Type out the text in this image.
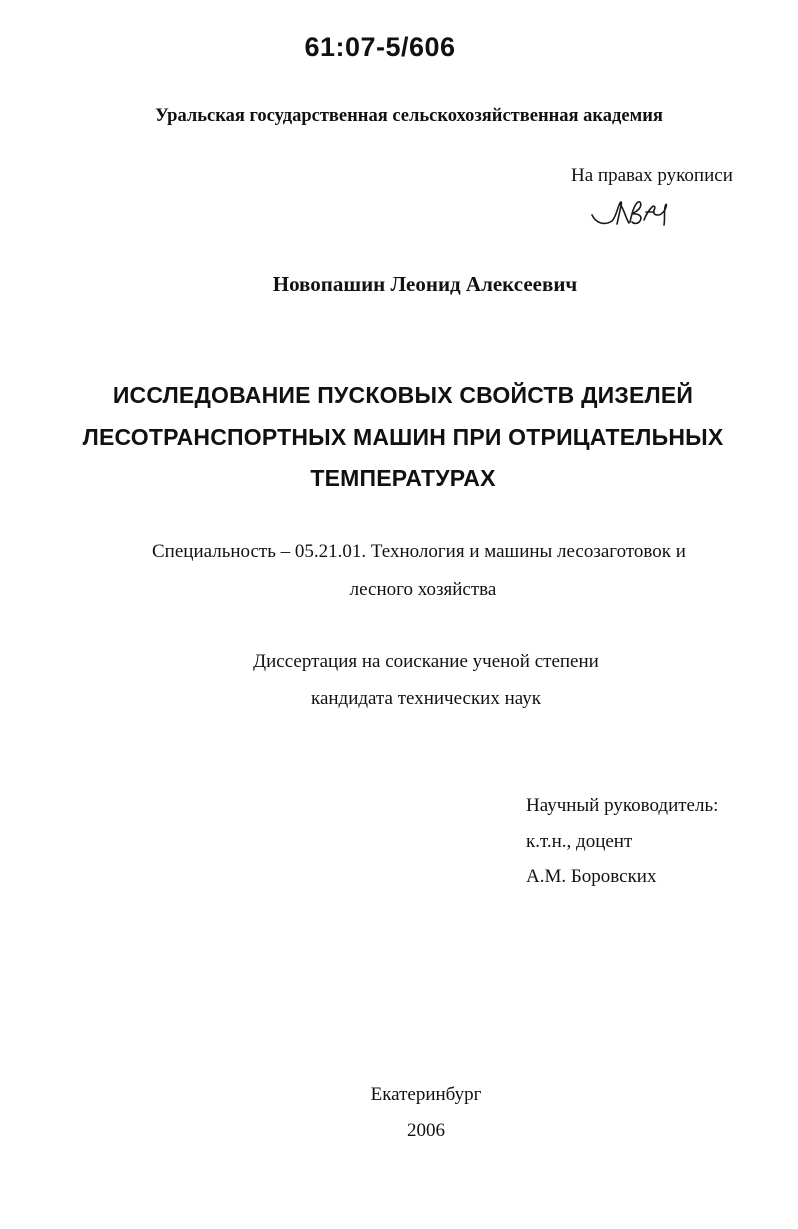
61:07-5/606
Уральская государственная сельскохозяйственная академия
На правах рукописи
Новопашин Леонид Алексеевич
ИССЛЕДОВАНИЕ ПУСКОВЫХ СВОЙСТВ ДИЗЕЛЕЙ
ЛЕСОТРАНСПОРТНЫХ МАШИН ПРИ ОТРИЦАТЕЛЬНЫХ
ТЕМПЕРАТУРАХ
Специальность – 05.21.01. Технология и машины лесозаготовок и
лесного хозяйства
Диссертация на соискание ученой степени
кандидата технических наук
Научный руководитель:
к.т.н., доцент
А.М. Боровских
Екатеринбург
2006
